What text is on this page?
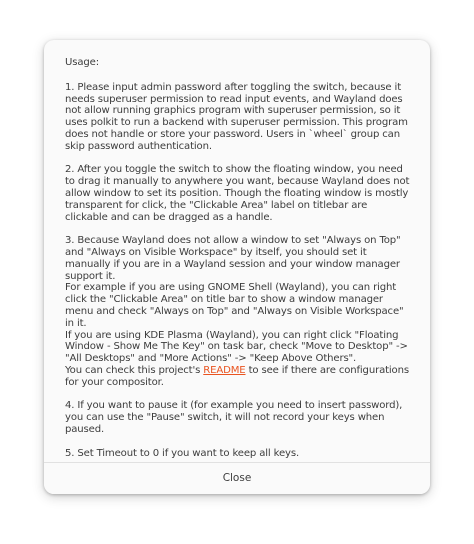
Usage:

1. Please input admin password after toggling the switch, because it needs superuser permission to read input events, and Wayland does not allow running graphics program with superuser permission, so it uses polkit to run a backend with superuser permission. This program does not handle or store your password. Users in `wheel` group can skip password authentication.

2. After you toggle the switch to show the floating window, you need to drag it manually to anywhere you want, because Wayland does not allow window to set its position. Though the floating window is mostly transparent for click, the "Clickable Area" label on titlebar are clickable and can be dragged as a handle.

3. Because Wayland does not allow a window to set "Always on Top" and "Always on Visible Workspace" by itself, you should set it manually if you are in a Wayland session and your window manager support it.
For example if you are using GNOME Shell (Wayland), you can right click the "Clickable Area" on title bar to show a window manager menu and check "Always on Top" and "Always on Visible Workspace" in it.
If you are using KDE Plasma (Wayland), you can right click "Floating Window - Show Me The Key" on task bar, check "Move to Desktop" -> "All Desktops" and "More Actions" -> "Keep Above Others".
You can check this project's README to see if there are configurations for your compositor.

4. If you want to pause it (for example you need to insert password), you can use the "Pause" switch, it will not record your keys when paused.

5. Set Timeout to 0 if you want to keep all keys.

Close
